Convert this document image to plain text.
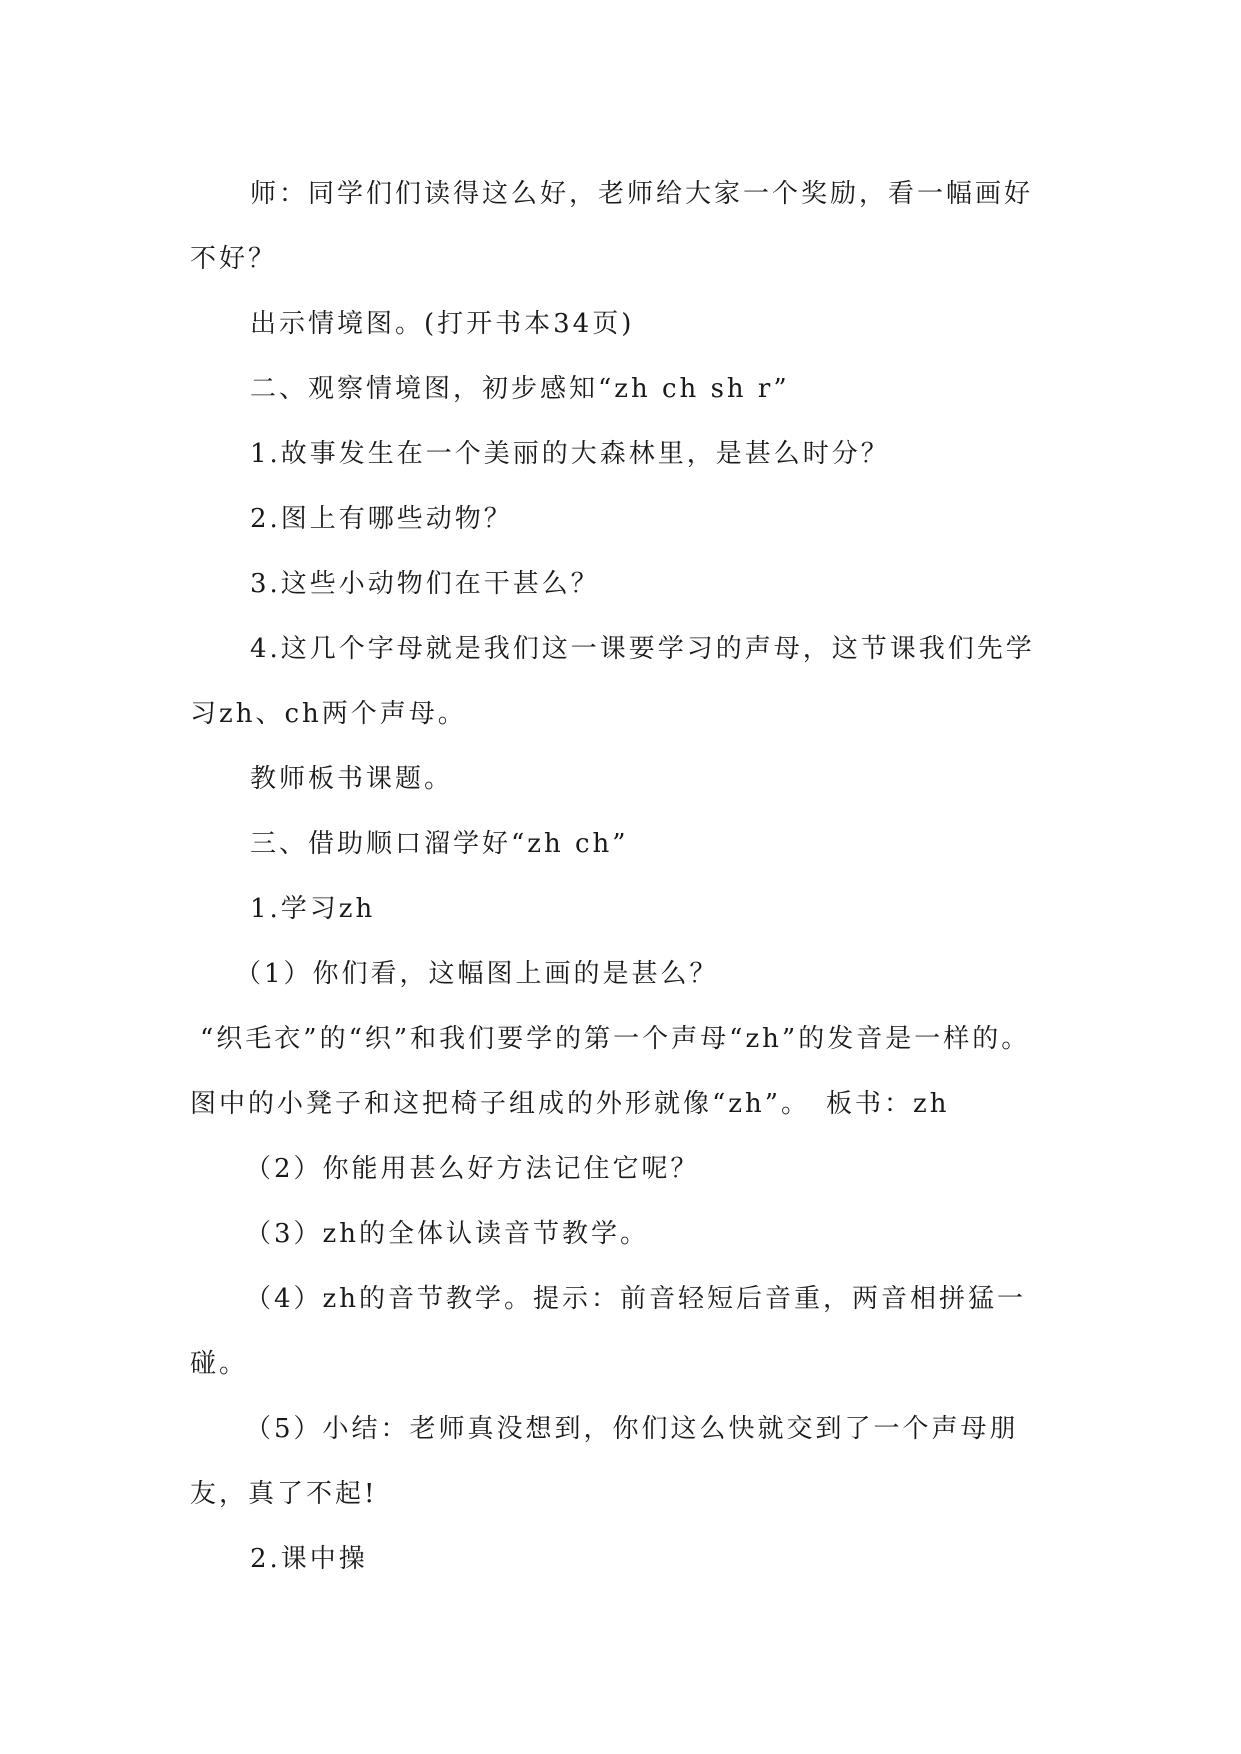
师：同学们们读得这么好，老师给大家一个奖励，看一幅画好不好？

出示情境图。(打开书本34页)

二、观察情境图，初步感知“zh ch sh r”

1.故事发生在一个美丽的大森林里，是甚么时分？

2.图上有哪些动物？

3.这些小动物们在干甚么？

4.这几个字母就是我们这一课要学习的声母，这节课我们先学习zh、ch两个声母。

教师板书课题。

三、借助顺口溜学好“zh ch”

1.学习zh

（1）你们看，这幅图上画的是甚么？

“织毛衣”的“织”和我们要学的第一个声母“zh”的发音是一样的。图中的小凳子和这把椅子组成的外形就像“zh”。　板书：zh

（2）你能用甚么好方法记住它呢？

（3）zh的全体认读音节教学。

（4）zh的音节教学。提示：前音轻短后音重，两音相拼猛一碰。

（5）小结：老师真没想到，你们这么快就交到了一个声母朋友，真了不起!

2.课中操
